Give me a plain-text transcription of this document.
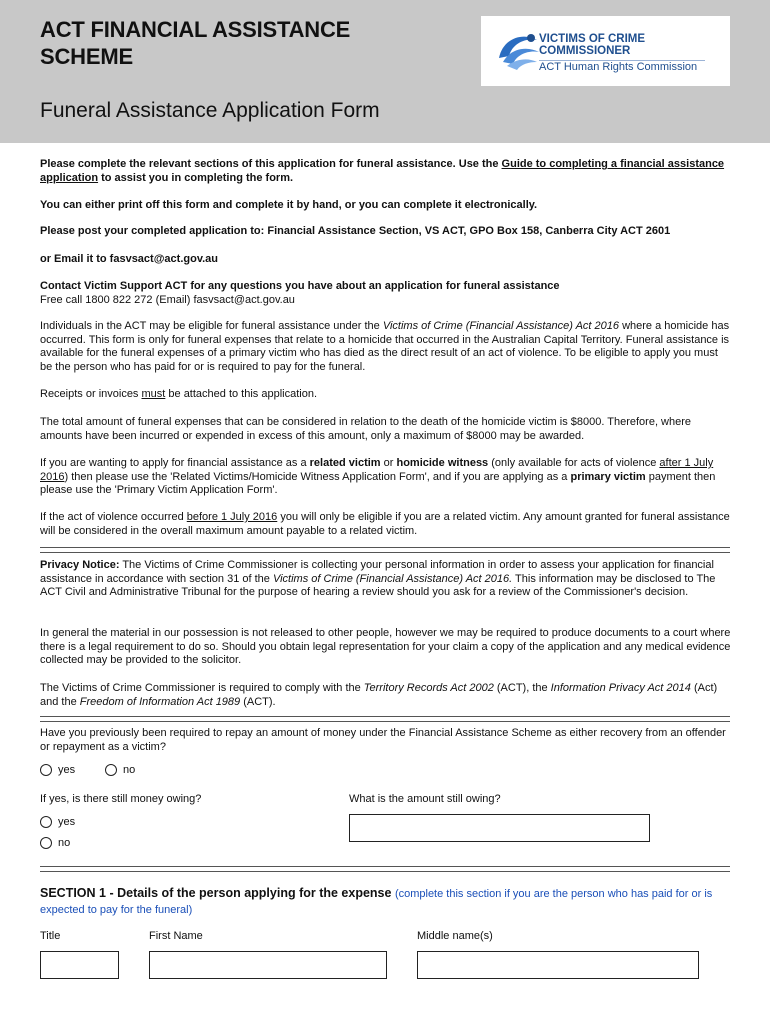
ACT FINANCIAL ASSISTANCE
SCHEME
Funeral Assistance Application Form
VICTIMS OF CRIME
COMMISSIONER
ACT Human Rights Commission
Please complete the relevant sections of this application for funeral assistance. Use the Guide to completing a financial assistance application to assist you in completing the form.
You can either print off this form and complete it by hand, or you can complete it electronically.
Please post your completed application to: Financial Assistance Section, VS ACT, GPO Box 158, Canberra City ACT 2601
or Email it to fasvsact@act.gov.au
Contact Victim Support ACT for any questions you have about an application for funeral assistance
Free call 1800 822 272 (Email) fasvsact@act.gov.au
Individuals in the ACT may be eligible for funeral assistance under the Victims of Crime (Financial Assistance) Act 2016 where a homicide has occurred. This form is only for funeral expenses that relate to a homicide that occurred in the Australian Capital Territory. Funeral assistance is available for the funeral expenses of a primary victim who has died as the direct result of an act of violence. To be eligible to apply you must be the person who has paid for or is required to pay for the funeral.
Receipts or invoices must be attached to this application.
The total amount of funeral expenses that can be considered in relation to the death of the homicide victim is $8000. Therefore, where amounts have been incurred or expended in excess of this amount, only a maximum of $8000 may be awarded.
If you are wanting to apply for financial assistance as a related victim or homicide witness (only available for acts of violence after 1 July 2016) then please use the 'Related Victims/Homicide Witness Application Form', and if you are applying as a primary victim payment then please use the 'Primary Victim Application Form'.
If the act of violence occurred before 1 July 2016 you will only be eligible if you are a related victim. Any amount granted for funeral assistance will be considered in the overall maximum amount payable to a related victim.
Privacy Notice: The Victims of Crime Commissioner is collecting your personal information in order to assess your application for financial assistance in accordance with section 31 of the Victims of Crime (Financial Assistance) Act 2016. This information may be disclosed to The ACT Civil and Administrative Tribunal for the purpose of hearing a review should you ask for a review of the Commissioner's decision.
In general the material in our possession is not released to other people, however we may be required to produce documents to a court where there is a legal requirement to do so. Should you obtain legal representation for your claim a copy of the application and any medical evidence collected may be provided to the solicitor.
The Victims of Crime Commissioner is required to comply with the Territory Records Act 2002 (ACT), the Information Privacy Act 2014 (Act) and the Freedom of Information Act 1989 (ACT).
Have you previously been required to repay an amount of money under the Financial Assistance Scheme as either recovery from an offender or repayment as a victim?
yes	no
If yes, is there still money owing?	What is the amount still owing?
yes
no
SECTION 1 - Details of the person applying for the expense (complete this section if you are the person who has paid for or is expected to pay for the funeral)
Title	First Name	Middle name(s)
